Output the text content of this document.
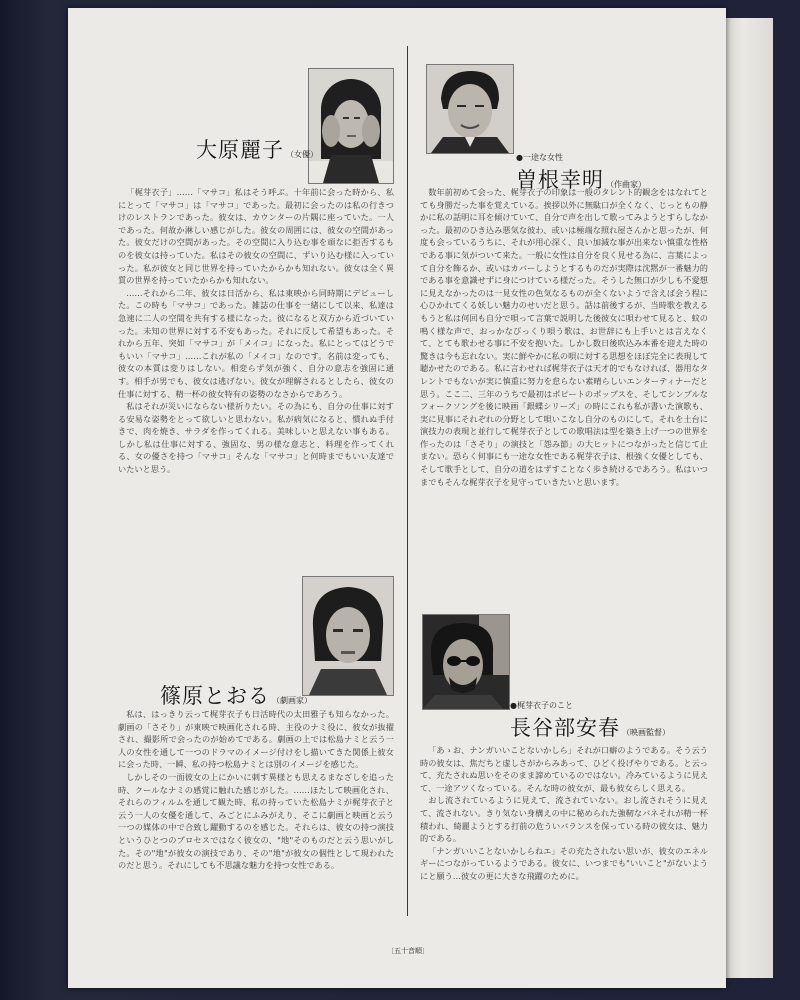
大原麗子 （女優）

「梶芽衣子」……「マサコ」私はそう呼ぶ。十年前に会った時から、私にとって「マサコ」は「マサコ」であった。最初に会ったのは私の行きつけのレストランであった。彼女は、カウンターの片隅に座っていた。一人であった。何故か淋しい感じがした。彼女の周囲には、彼女の空間があった。彼女だけの空間があった。その空間に入り込む事を頑なに拒否するものを彼女は持っていた。私はその彼女の空間に、ずいり込む様に入っていった。私が彼女と同じ世界を持っていたからかも知れない。彼女は全く異質の世界を持っていたからかも知れない。

……それから二年、彼女は日活から、私は東映から同時期にデビューした。この時も「マサコ」であった。雑誌の仕事を一緒にして以来、私達は急速に二人の空間を共有する様になった。彼になると双方から近づいていった。未知の世界に対する不安もあった。それに反して希望もあった。それから五年、突如「マサコ」が「メイコ」になった。私にとってはどうでもいい「マサコ」……これが私の「メイコ」なのです。名前は変っても、彼女の本質は変りはしない。相変らず気が強く、自分の意志を強固に通す。相手が男でも、彼女は逃げない。彼女が理解されるとしたら、彼女の仕事に対する、精一杯の彼女特有の姿勢のなさからであろう。

私はそれが災いにならない様祈りたい。その為にも、自分の仕事に対する安易な姿勢をとって欲しいと思わない。私が病気になると、慣れぬ手付きで、肉を焼き、サラダを作ってくれる。美味しいと思えない事もある。しかし私は仕事に対する、強固な、男の様な意志と、料理を作ってくれる、女の優さを持つ「マサコ」そんな「マサコ」と何時までもいい友達でいたいと思う。

●一途な女性
曽根幸明 （作曲家）

数年前初めて会った、梶芽衣子の印象は一般のタレント的観念をはなれてとても身勝だった事を覚えている。挨拶以外に無駄口が全くなく、じっともの静かに私の話明に耳を傾けていて、自分で声を出して歌ってみようとすらしなかった。最初のひき込み悪気な彼わ、或いは極端な照れ屋さんかと思ったが、何度も会っているうちに、それが用心深く、良い加減な事が出来ない慎重な性格である事に気がついて来た。一般に女性は自分を良く見せる為に、言葉によって自分を飾るか、或いはカバーしようとするものだが実際は沈黙が一番魅力的である事を意識せずに身につけている様だった。そうした無口が少しも不愛想に見えなかったのは一見女性の色気なるものが全くないようで含えば会う程に心ひかれてくる妖しい魅力のせいだと思う。話は前後するが、当時歌を教えるもうと私は何回も自分で唄って言葉で説明した後彼女に唄わせて見ると、蚊の鳴く様な声で、おっかなびっくり唄う歌は、お世辞にも上手いとは言えなくて、とても歌わせる事に不安を抱いた。しかし数日後吹込み本番を迎えた時の驚きは今も忘れない。実に鮮やかに私の唄に対する思想をほぼ完全に表現して聴かせたのである。私に言わせれば梶芽衣子は天才的でもなければ、器用なタレントでもないが実に慎重に努力を怠らない素晴らしいエンターティナーだと思う。ここ二、三年のうちで最初はポピートのポップスを、そしてシンプルなフォークソングを後に映画「銀蝶シリーズ」の時にこれも私が書いた演歌も、実に見事にそれぞれの分野として唄いこなし自分のものにして。それを土台に演技力の表現と並行して梶芽衣子としての歌唱法は型を築き上げ一つの世界を作ったのは「さそり」の演技と「怨み節」の大ヒットにつながったと信じて止まない。恐らく何事にも一途な女性である梶芽衣子は、根強く女優としても、そして歌手として、自分の道をはずすことなく歩き続けるであろう。私はいつまでもそんな梶芽衣子を見守っていきたいと思います。

篠原とおる （劇画家）

私は、はっきり云って梶芽衣子も日活時代の太田雅子も知らなかった。劇画の「さそり」が東映で映画化される時、主役のナミ役に、彼女が抜擢され、撮影所で会ったのが始めてである。劇画の上では松島ナミと云う一人の女性を通して一つのドラマのイメージ付けをし描いてきた関係上彼女に会った時、一瞬、私の持つ松島ナミとは別のイメージを感じた。

しかしその一面彼女の上にかいに刺す異様とも思えるまなざしを追った時、クールなナミの感覚に触れた感じがした。……ほたして映画化され、それらのフィルムを通して観た時、私の持っていた松島ナミが梶芽衣子と云う一人の女優を通して、みごとにふみがえり、そこに劇画と映画と云う一つの媒体の中で合致し躍動するのを感じた。それらは、彼女の持つ演技というひとつのプロセスではなく彼女の、"地"そのものだと云う思いがした。その"地"が彼女の演技であり、その"地"が彼女の個性として現われたのだと思う。それにしても不思議な魅力を持つ女性である。

●梶芽衣子のこと
長谷部安春 （映画監督）

「あゝお、ナンガいいことないかしら」それが口癖のようである。そう云う時の彼女は、焦だちと虚しさがからみあって、ひどく投げやりである。と云って、充たされぬ思いをそのまま諦めているのではない。冷みているように見えて、一途アツくなっている。そんな時の彼女が、最も彼女らしく思える。

おし流されているように見えて、流されていない。おし流されそうに見えて、流されない。きり気ない身構えの中に秘められた強靭なバネそれが精一杯積われ、綺麗ようとする打前の危ういバランスを保っている時の彼女は、魅力的である。

「ナンガいいことないかしらねエ」その充たされない思いが、彼女のエネルギーにつながっているようである。彼女に、いつまでも"いいこと"がないようにと願う…彼女の更に大きな飛躍のために。

〔五十音順〕
